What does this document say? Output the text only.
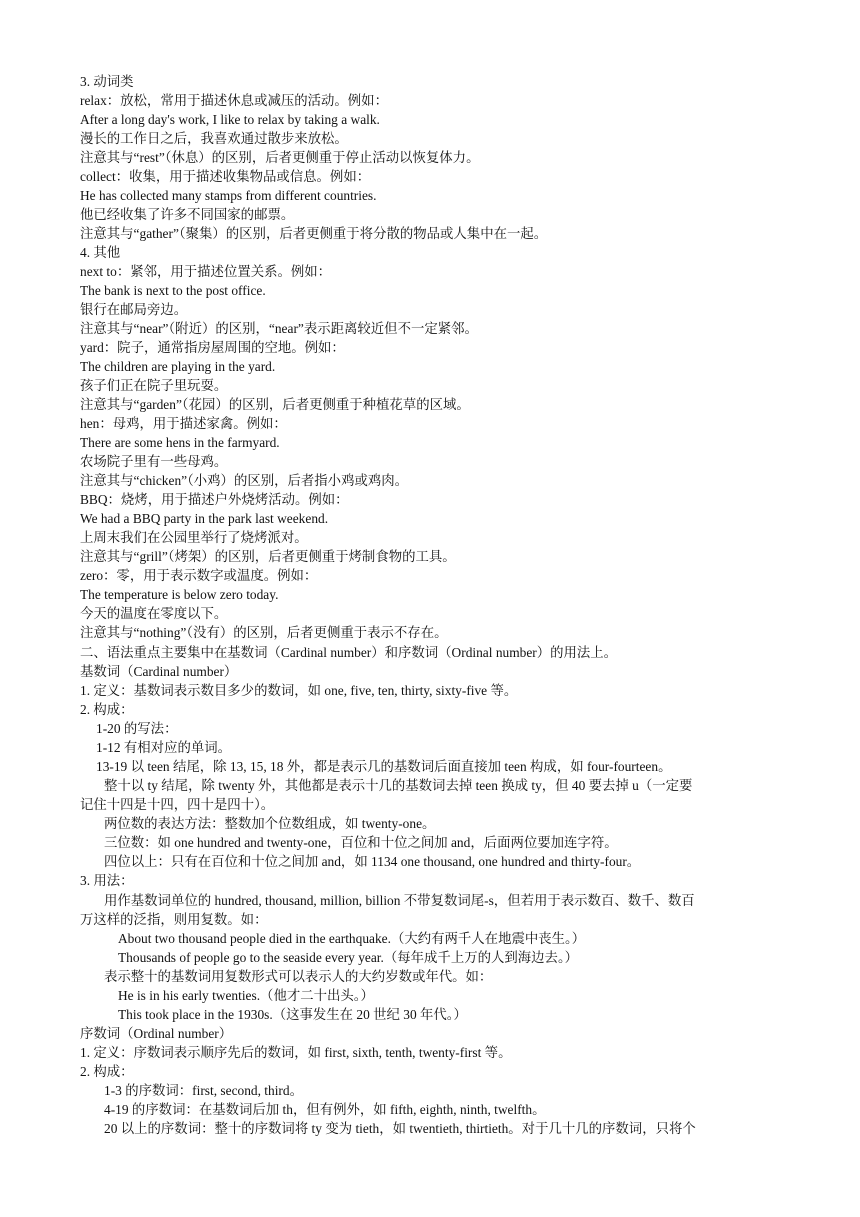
3. 动词类
relax：放松，常用于描述休息或减压的活动。例如：
After a long day's work, I like to relax by taking a walk.
漫长的工作日之后，我喜欢通过散步来放松。
注意其与“rest”（休息）的区别，后者更侧重于停止活动以恢复体力。
collect：收集，用于描述收集物品或信息。例如：
He has collected many stamps from different countries.
他已经收集了许多不同国家的邮票。
注意其与“gather”（聚集）的区别，后者更侧重于将分散的物品或人集中在一起。
4. 其他
next to：紧邻，用于描述位置关系。例如：
The bank is next to the post office.
银行在邮局旁边。
注意其与“near”（附近）的区别，“near”表示距离较近但不一定紧邻。
yard：院子，通常指房屋周围的空地。例如：
The children are playing in the yard.
孩子们正在院子里玩耍。
注意其与“garden”（花园）的区别，后者更侧重于种植花草的区域。
hen：母鸡，用于描述家禽。例如：
There are some hens in the farmyard.
农场院子里有一些母鸡。
注意其与“chicken”（小鸡）的区别，后者指小鸡或鸡肉。
BBQ：烧烤，用于描述户外烧烤活动。例如：
We had a BBQ party in the park last weekend.
上周末我们在公园里举行了烧烤派对。
注意其与“grill”（烤架）的区别，后者更侧重于烤制食物的工具。
zero：零，用于表示数字或温度。例如：
The temperature is below zero today.
今天的温度在零度以下。
注意其与“nothing”（没有）的区别，后者更侧重于表示不存在。
二、语法重点主要集中在基数词（Cardinal number）和序数词（Ordinal number）的用法上。
基数词（Cardinal number）
1. 定义：基数词表示数目多少的数词，如 one, five, ten, thirty, sixty-five 等。
2. 构成：
1-20 的写法：
1-12 有相对应的单词。
13-19 以 teen 结尾，除 13, 15, 18 外，都是表示几的基数词后面直接加 teen 构成，如 four-fourteen。
整十以 ty 结尾，除 twenty 外，其他都是表示十几的基数词去掉 teen 换成 ty，但 40 要去掉 u（一定要
记住十四是十四，四十是四十）。
两位数的表达方法：整数加个位数组成，如 twenty-one。
三位数：如 one hundred and twenty-one，百位和十位之间加 and，后面两位要加连字符。
四位以上：只有在百位和十位之间加 and，如 1134 one thousand, one hundred and thirty-four。
3. 用法：
用作基数词单位的 hundred, thousand, million, billion 不带复数词尾-s，但若用于表示数百、数千、数百
万这样的泛指，则用复数。如：
About two thousand people died in the earthquake.（大约有两千人在地震中丧生。）
Thousands of people go to the seaside every year.（每年成千上万的人到海边去。）
表示整十的基数词用复数形式可以表示人的大约岁数或年代。如：
He is in his early twenties.（他才二十出头。）
This took place in the 1930s.（这事发生在 20 世纪 30 年代。）
序数词（Ordinal number）
1. 定义：序数词表示顺序先后的数词，如 first, sixth, tenth, twenty-first 等。
2. 构成：
1-3 的序数词：first, second, third。
4-19 的序数词：在基数词后加 th，但有例外，如 fifth, eighth, ninth, twelfth。
20 以上的序数词：整十的序数词将 ty 变为 tieth，如 twentieth, thirtieth。对于几十几的序数词，只将个
